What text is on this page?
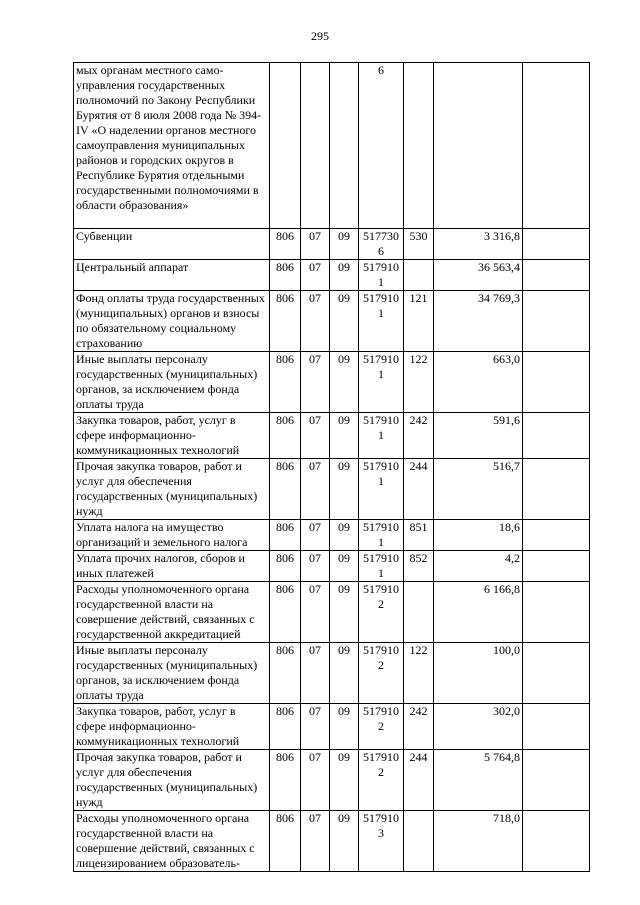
295
мых органам местного само-управления государственных полномочий по Закону Республики Бурятия от 8 июля 2008 года № 394-IV «О наделении органов местного самоуправления муниципальных районов и городских округов в Республике Бурятия отдельными государственными полномочиями в области образования»				6			
Субвенции	806	07	09	5177306	530	3 316,8	
Центральный аппарат	806	07	09	5179101		36 563,4	
Фонд оплаты труда государственных (муниципальных) органов и взносы по обязательному социальному страхованию	806	07	09	5179101	121	34 769,3	
Иные выплаты персоналу государственных (муниципальных) органов, за исключением фонда оплаты труда	806	07	09	5179101	122	663,0	
Закупка товаров, работ, услуг в сфере информационно-коммуникационных технологий	806	07	09	5179101	242	591,6	
Прочая закупка товаров, работ и услуг для обеспечения государственных (муниципальных) нужд	806	07	09	5179101	244	516,7	
Уплата налога на имущество организаций и земельного налога	806	07	09	5179101	851	18,6	
Уплата прочих налогов, сборов и иных платежей	806	07	09	5179101	852	4,2	
Расходы уполномоченного органа государственной власти на совершение действий, связанных с государственной аккредитацией	806	07	09	5179102		6 166,8	
Иные выплаты персоналу государственных (муниципальных) органов, за исключением фонда оплаты труда	806	07	09	5179102	122	100,0	
Закупка товаров, работ, услуг в сфере информационно-коммуникационных технологий	806	07	09	5179102	242	302,0	
Прочая закупка товаров, работ и услуг для обеспечения государственных (муниципальных) нужд	806	07	09	5179102	244	5 764,8	
Расходы уполномоченного органа государственной власти на совершение действий, связанных с лицензированием образователь-	806	07	09	5179103		718,0	
